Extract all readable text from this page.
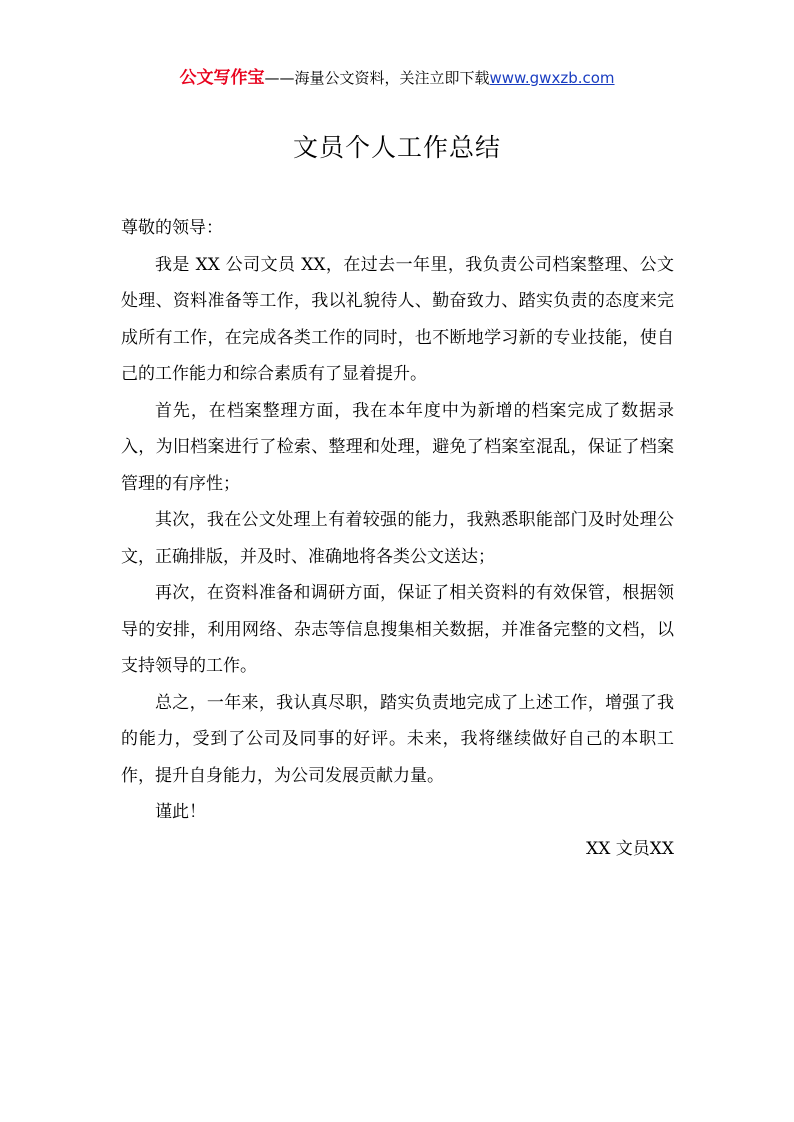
公文写作宝——海量公文资料，关注立即下载www.gwxzb.com
文员个人工作总结

尊敬的领导：

我是 XX 公司文员 XX，在过去一年里，我负责公司档案整理、公文处理、资料准备等工作，我以礼貌待人、勤奋致力、踏实负责的态度来完成所有工作，在完成各类工作的同时，也不断地学习新的专业技能，使自己的工作能力和综合素质有了显着提升。

首先，在档案整理方面，我在本年度中为新增的档案完成了数据录入，为旧档案进行了检索、整理和处理，避免了档案室混乱，保证了档案管理的有序性；

其次，我在公文处理上有着较强的能力，我熟悉职能部门及时处理公文，正确排版，并及时、准确地将各类公文送达；

再次，在资料准备和调研方面，保证了相关资料的有效保管，根据领导的安排，利用网络、杂志等信息搜集相关数据，并准备完整的文档，以支持领导的工作。

总之，一年来，我认真尽职，踏实负责地完成了上述工作，增强了我的能力，受到了公司及同事的好评。未来，我将继续做好自己的本职工作，提升自身能力，为公司发展贡献力量。

谨此！

XX 文员XX
